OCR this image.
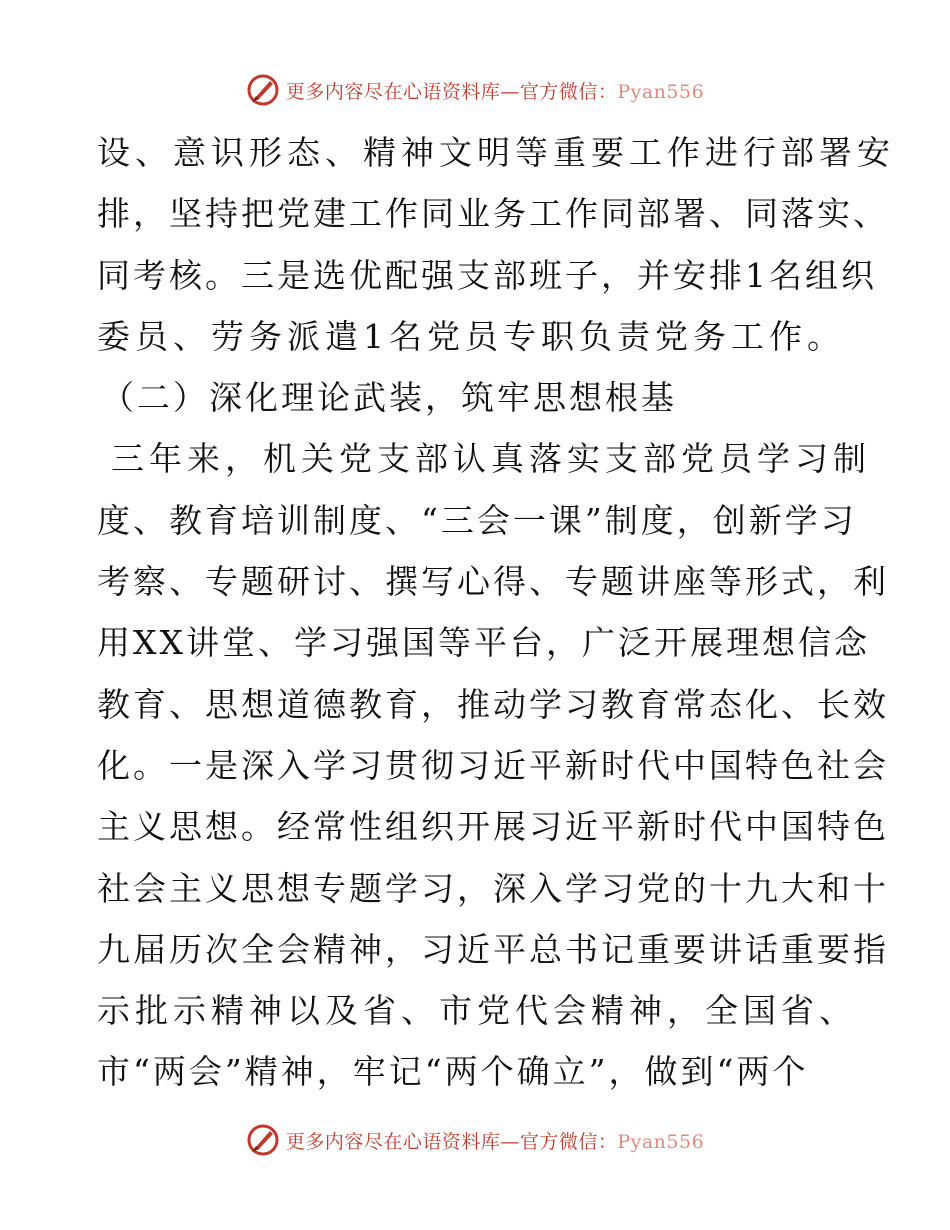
更多内容尽在心语资料库—官方微信：Pyan556
设、意识形态、精神文明等重要工作进行部署安
排，坚持把党建工作同业务工作同部署、同落实、
同考核。三是选优配强支部班子，并安排1名组织
委员、劳务派遣1名党员专职负责党务工作。
（二）深化理论武装，筑牢思想根基
三年来，机关党支部认真落实支部党员学习制
度、教育培训制度、“三会一课”制度，创新学习
考察、专题研讨、撰写心得、专题讲座等形式，利
用XX讲堂、学习强国等平台，广泛开展理想信念
教育、思想道德教育，推动学习教育常态化、长效
化。一是深入学习贯彻习近平新时代中国特色社会
主义思想。经常性组织开展习近平新时代中国特色
社会主义思想专题学习，深入学习党的十九大和十
九届历次全会精神，习近平总书记重要讲话重要指
示批示精神以及省、市党代会精神，全国省、
市“两会”精神，牢记“两个确立”，做到“两个
更多内容尽在心语资料库—官方微信：Pyan556
